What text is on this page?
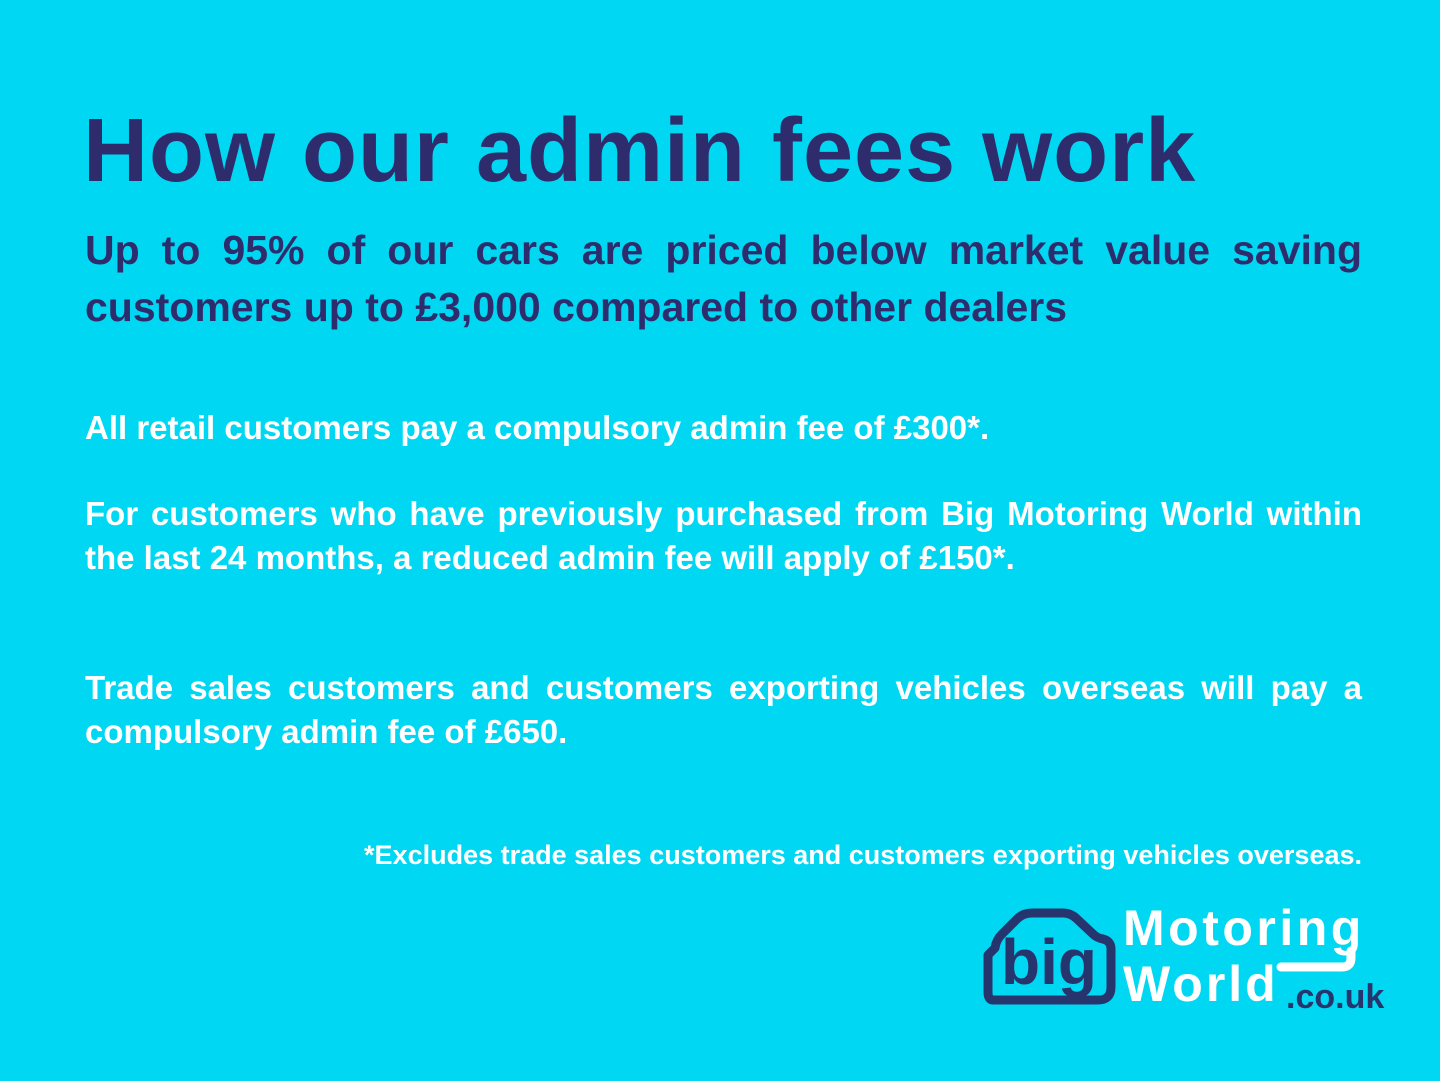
How our admin fees work

Up to 95% of our cars are priced below market value saving customers up to £3,000 compared to other dealers

All retail customers pay a compulsory admin fee of £300*.

For customers who have previously purchased from Big Motoring World within the last 24 months, a reduced admin fee will apply of £150*.

Trade sales customers and customers exporting vehicles overseas will pay a compulsory admin fee of £650.

*Excludes trade sales customers and customers exporting vehicles overseas.

big Motoring
World .co.uk
